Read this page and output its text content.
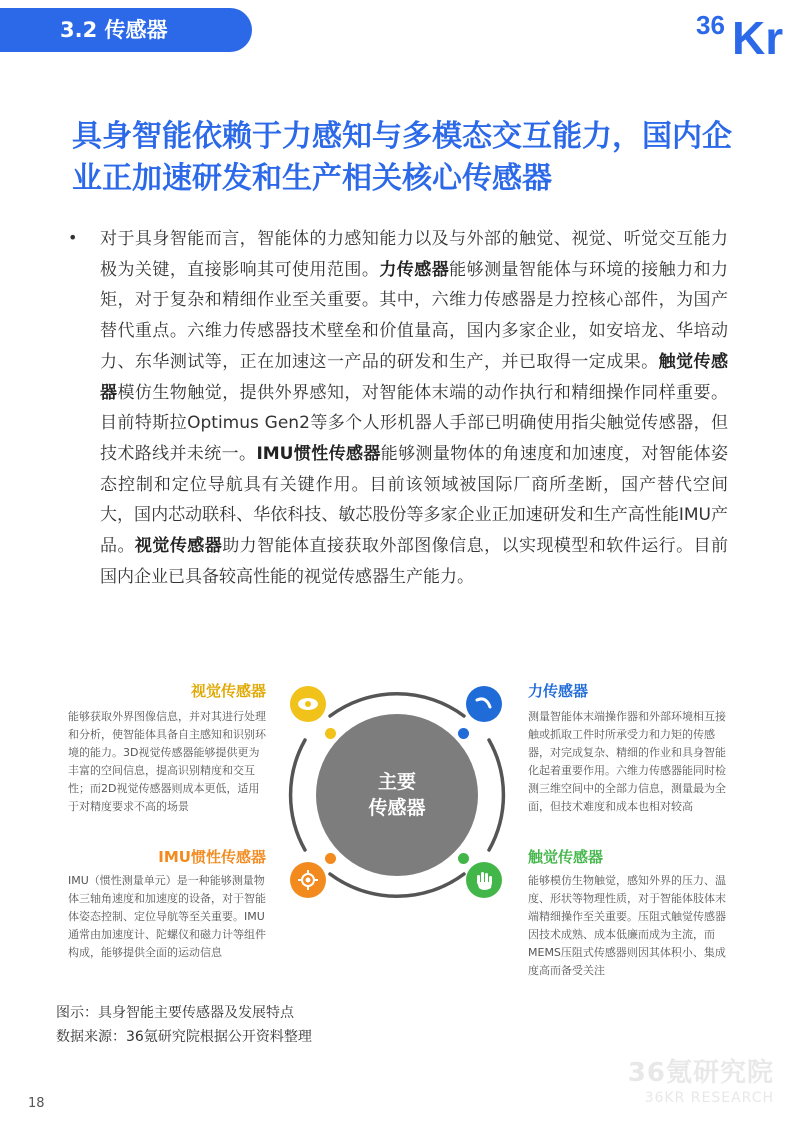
3.2 传感器	36 Kr
具身智能依赖于力感知与多模态交互能力，国内企业正加速研发和生产相关核心传感器
• 对于具身智能而言，智能体的力感知能力以及与外部的触觉、视觉、听觉交互能力极为关键，直接影响其可使用范围。力传感器能够测量智能体与环境的接触力和力矩，对于复杂和精细作业至关重要。其中，六维力传感器是力控核心部件，为国产替代重点。六维力传感器技术壁垒和价值量高，国内多家企业，如安培龙、华培动力、东华测试等，正在加速这一产品的研发和生产，并已取得一定成果。触觉传感器模仿生物触觉，提供外界感知，对智能体末端的动作执行和精细操作同样重要。目前特斯拉Optimus Gen2等多个人形机器人手部已明确使用指尖触觉传感器，但技术路线并未统一。IMU惯性传感器能够测量物体的角速度和加速度，对智能体姿态控制和定位导航具有关键作用。目前该领域被国际厂商所垄断，国产替代空间大，国内芯动联科、华依科技、敏芯股份等多家企业正加速研发和生产高性能IMU产品。视觉传感器助力智能体直接获取外部图像信息，以实现模型和软件运行。目前国内企业已具备较高性能的视觉传感器生产能力。

主要
传感器
视觉传感器

能够获取外界图像信息，并对其进行处理和分析，使智能体具备自主感知和识别环境的能力。3D视觉传感器能够提供更为丰富的空间信息，提高识别精度和交互性；而2D视觉传感器则成本更低，适用于对精度要求不高的场景

力传感器

测量智能体末端操作器和外部环境相互接触或抓取工件时所承受力和力矩的传感器，对完成复杂、精细的作业和具身智能化起着重要作用。六维力传感器能同时检测三维空间中的全部力信息，测量最为全面，但技术难度和成本也相对较高

IMU惯性传感器

IMU（惯性测量单元）是一种能够测量物体三轴角速度和加速度的设备，对于智能体姿态控制、定位导航等至关重要。IMU通常由加速度计、陀螺仪和磁力计等组件构成，能够提供全面的运动信息

触觉传感器

能够模仿生物触觉，感知外界的压力、温度、形状等物理性质，对于智能体肢体末端精细操作至关重要。压阻式触觉传感器因技术成熟、成本低廉而成为主流，而MEMS压阻式传感器则因其体积小、集成度高而备受关注

图示：具身智能主要传感器及发展特点
数据来源：36氪研究院根据公开资料整理
36氪研究院
36KR RESEARCH
18
